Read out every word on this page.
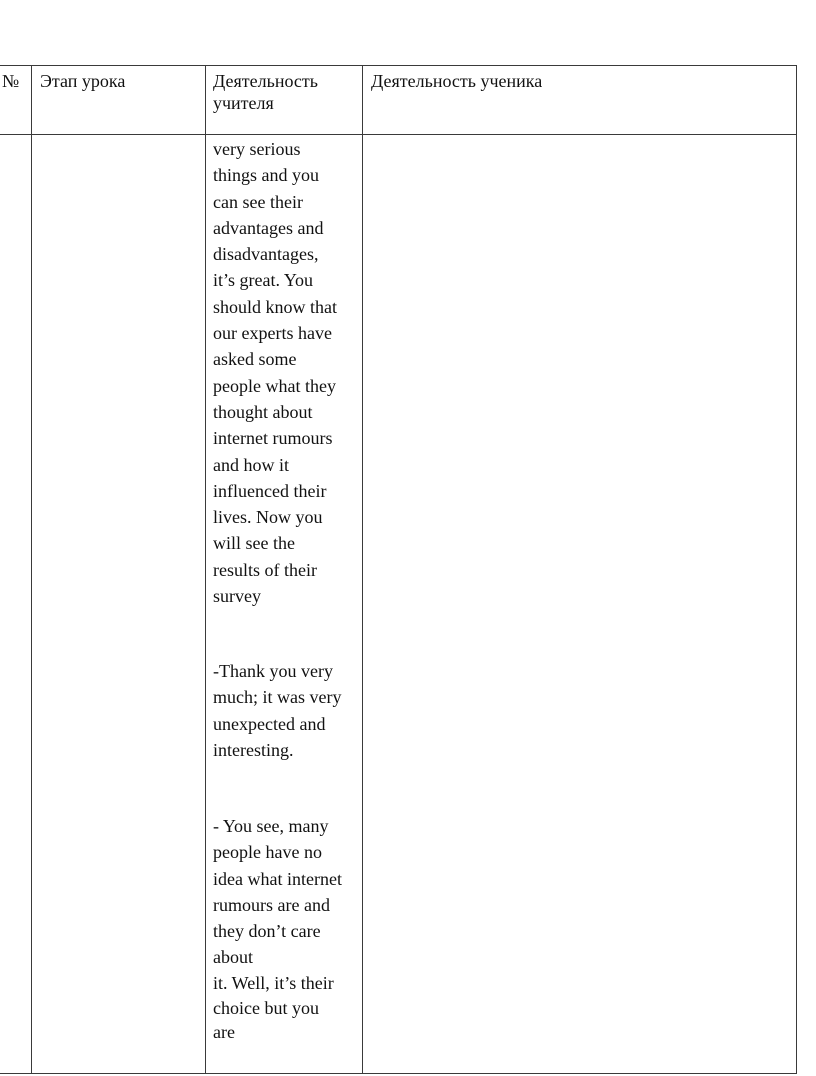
№ Этап урока	Деятельность
учителя
Деятельность ученика
very serious
things and you
can see their
advantages and
disadvantages,
it’s great. You
should know that
our experts have
asked some
people what they
thought about
internet rumours
and how it
influenced their
lives. Now you
will see the
results of their
survey
-Thank you very
much; it was very
unexpected and
interesting.
- You see, many
people have no
idea what internet
rumours are and
they don’t care
about
it. Well, it’s their
choice but you
are
